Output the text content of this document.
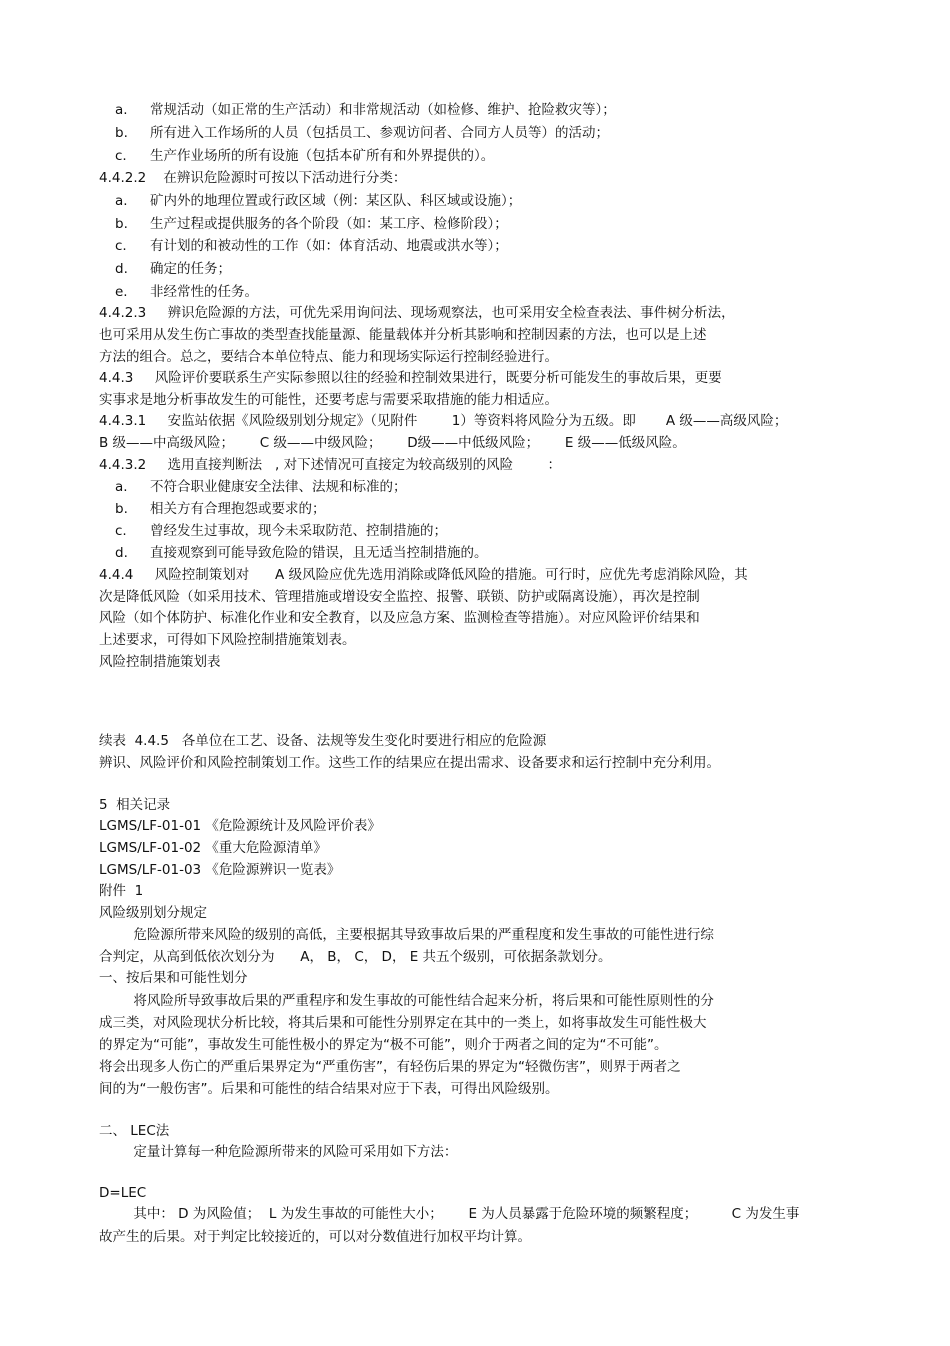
a. 常规活动（如正常的生产活动）和非常规活动（如检修、维护、抢险救灾等）；
b. 所有进入工作场所的人员（包括员工、参观访问者、合同方人员等）的活动；
c. 生产作业场所的所有设施（包括本矿所有和外界提供的）。
4.4.2.2    在辨识危险源时可按以下活动进行分类：
a. 矿内外的地理位置或行政区域（例：某区队、科区域或设施）；
b. 生产过程或提供服务的各个阶段（如：某工序、检修阶段）；
c. 有计划的和被动性的工作（如：体育活动、地震或洪水等）；
d. 确定的任务；
e. 非经常性的任务。
4.4.2.3     辨识危险源的方法，可优先采用询问法、现场观察法，也可采用安全检查表法、事件树分析法，
也可采用从发生伤亡事故的类型查找能量源、能量载体并分析其影响和控制因素的方法，也可以是上述
方法的组合。总之，要结合本单位特点、能力和现场实际运行控制经验进行。
4.4.3     风险评价要联系生产实际参照以往的经验和控制效果进行，既要分析可能发生的事故后果，更要
实事求是地分析事故发生的可能性，还要考虑与需要采取措施的能力相适应。
4.4.3.1     安监站依据《风险级别划分规定》（见附件        1）等资料将风险分为五级。即       A 级——高级风险；
B 级——中高级风险；      C 级——中级风险；      D级——中低级风险；      E 级——低级风险。
4.4.3.2     选用直接判断法   , 对下述情况可直接定为较高级别的风险        ：
a. 不符合职业健康安全法律、法规和标准的；
b. 相关方有合理抱怨或要求的；
c. 曾经发生过事故，现今未采取防范、控制措施的；
d. 直接观察到可能导致危险的错误，且无适当控制措施的。
4.4.4     风险控制策划对      A 级风险应优先选用消除或降低风险的措施。可行时，应优先考虑消除风险，其
次是降低风险（如采用技术、管理措施或增设安全监控、报警、联锁、防护或隔离设施），再次是控制
风险（如个体防护、标准化作业和安全教育，以及应急方案、监测检查等措施）。对应风险评价结果和
上述要求，可得如下风险控制措施策划表。
风险控制措施策划表
续表  4.4.5   各单位在工艺、设备、法规等发生变化时要进行相应的危险源
辨识、风险评价和风险控制策划工作。这些工作的结果应在提出需求、设备要求和运行控制中充分利用。
5  相关记录
LGMS/LF-01-01 《危险源统计及风险评价表》
LGMS/LF-01-02 《重大危险源清单》
LGMS/LF-01-03 《危险源辨识一览表》
附件  1
风险级别划分规定
危险源所带来风险的级别的高低，主要根据其导致事故后果的严重程度和发生事故的可能性进行综
合判定，从高到低依次划分为      A， B， C， D， E 共五个级别，可依据条款划分。
一、按后果和可能性划分
将风险所导致事故后果的严重程序和发生事故的可能性结合起来分析，将后果和可能性原则性的分
成三类，对风险现状分析比较，将其后果和可能性分别界定在其中的一类上，如将事故发生可能性极大
的界定为“可能”，事故发生可能性极小的界定为“极不可能”，则介于两者之间的定为“不可能”。
将会出现多人伤亡的严重后果界定为“严重伤害”，有轻伤后果的界定为“轻微伤害”，则界于两者之
间的为“一般伤害”。后果和可能性的结合结果对应于下表，可得出风险级别。
二、 LEC法
定量计算每一种危险源所带来的风险可采用如下方法：
D=LEC
其中： D 为风险值；  L 为发生事故的可能性大小；      E 为人员暴露于危险环境的频繁程度；        C 为发生事
故产生的后果。对于判定比较接近的，可以对分数值进行加权平均计算。
